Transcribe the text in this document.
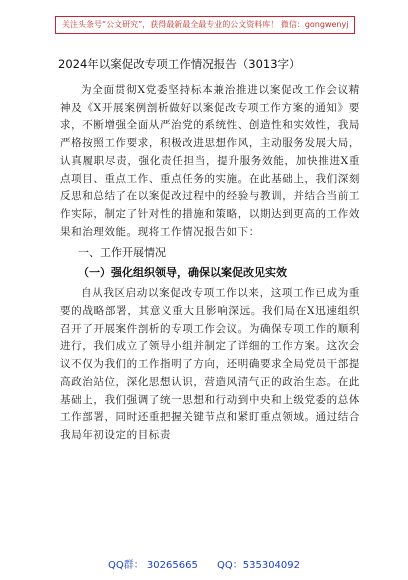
关注头条号“公文研究”，获得最新最全最专业的公文资料库！ 微信：gongwenyj
2024年以案促改专项工作情况报告（3013字）

为全面贯彻X党委坚持标本兼治推进以案促改工作会议精神及《X开展案例剖析做好以案促改专项工作方案的通知》要求，不断增强全面从严治党的系统性、创造性和实效性，我局严格按照工作要求，积极改进思想作风，主动服务发展大局，认真履职尽责，强化责任担当，提升服务效能，加快推进X重点项目、重点工作、重点任务的实施。在此基础上，我们深刻反思和总结了在以案促改过程中的经验与教训，并结合当前工作实际，制定了针对性的措施和策略，以期达到更高的工作效果和治理效能。现将工作情况报告如下：

一、工作开展情况
（一）强化组织领导，确保以案促改见实效

自从我区启动以案促改专项工作以来，这项工作已成为重要的战略部署，其意义重大且影响深远。我们局在X迅速组织召开了开展案件剖析的专项工作会议。为确保专项工作的顺利进行，我们成立了领导小组并制定了详细的工作方案。这次会议不仅为我们的工作指明了方向，还明确要求全局党员干部提高政治站位，深化思想认识，营造风清气正的政治生态。在此基础上，我们强调了统一思想和行动到中央和上级党委的总体工作部署，同时还重把握关键节点和紧盯重点领域。通过结合我局年初设定的目标责

QQ群： 30265665 QQ：535304092
